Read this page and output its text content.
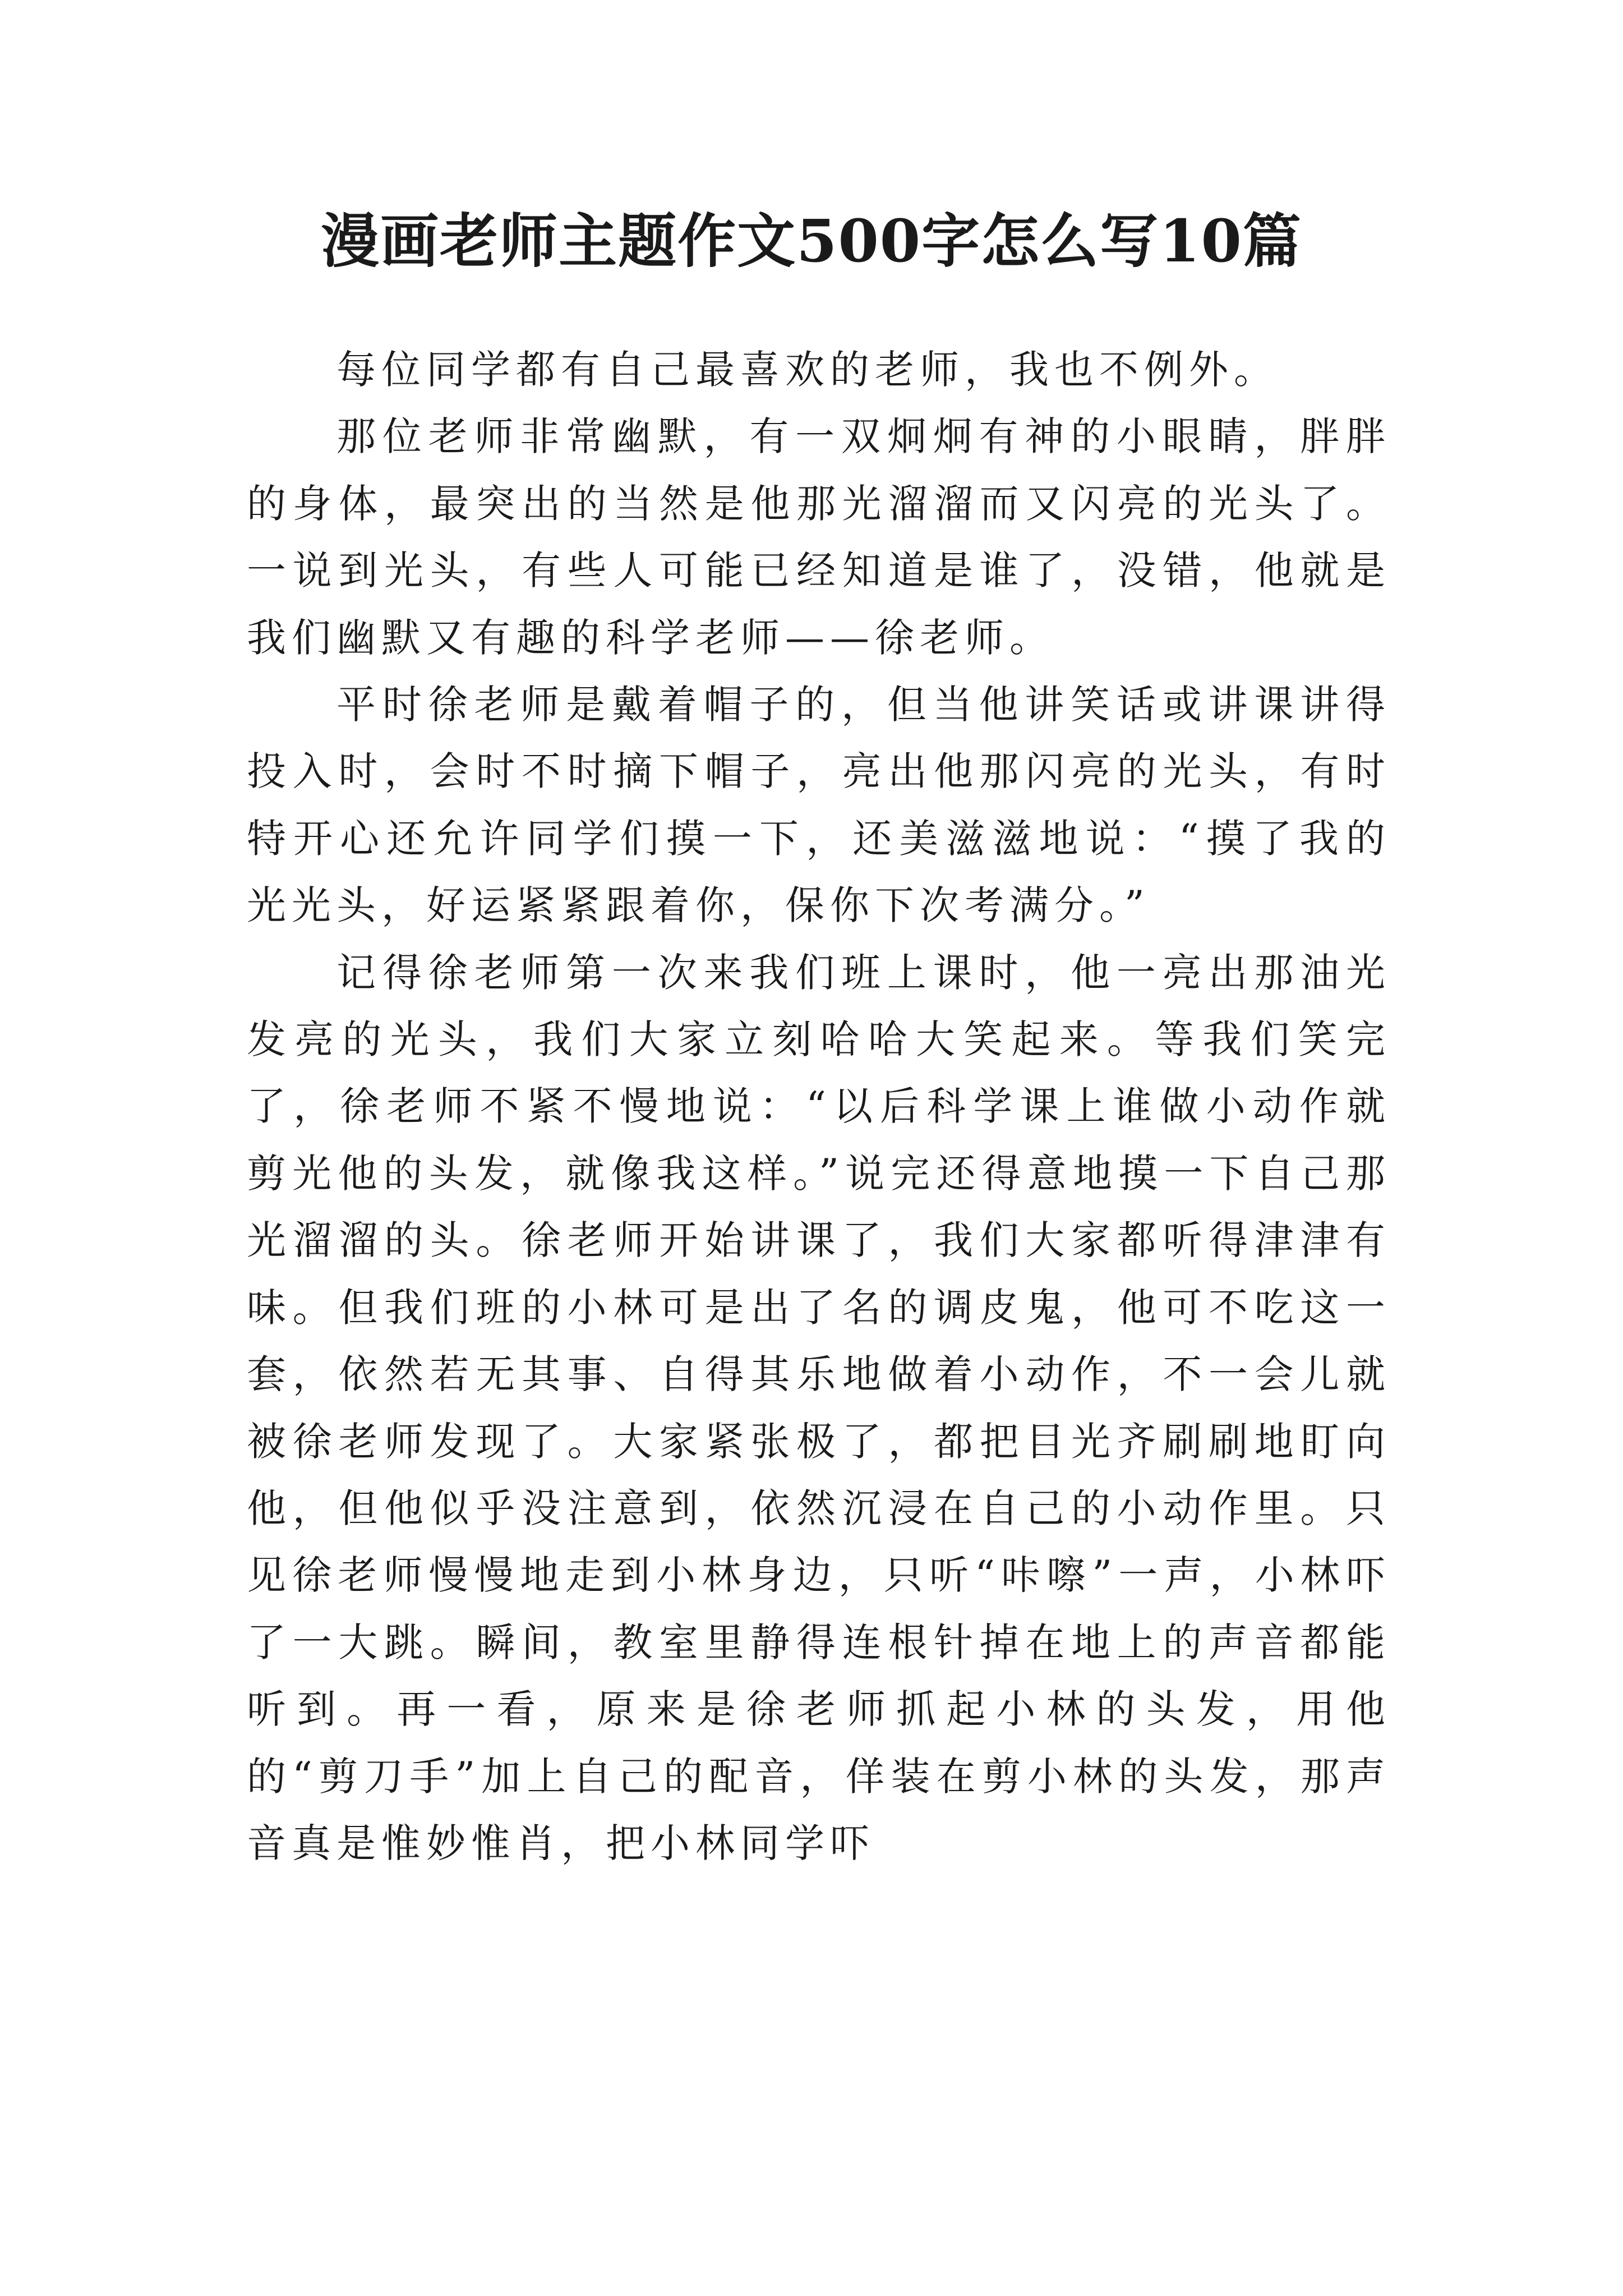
漫画老师主题作文500字怎么写10篇

每位同学都有自己最喜欢的老师，我也不例外。

那位老师非常幽默，有一双炯炯有神的小眼睛，胖胖的身体，最突出的当然是他那光溜溜而又闪亮的光头了。一说到光头，有些人可能已经知道是谁了，没错，他就是我们幽默又有趣的科学老师——徐老师。

平时徐老师是戴着帽子的，但当他讲笑话或讲课讲得投入时，会时不时摘下帽子，亮出他那闪亮的光头，有时特开心还允许同学们摸一下，还美滋滋地说：“摸了我的光光头，好运紧紧跟着你，保你下次考满分。”

记得徐老师第一次来我们班上课时，他一亮出那油光发亮的光头，我们大家立刻哈哈大笑起来。等我们笑完了，徐老师不紧不慢地说：“以后科学课上谁做小动作就剪光他的头发，就像我这样。”说完还得意地摸一下自己那光溜溜的头。徐老师开始讲课了，我们大家都听得津津有味。但我们班的小林可是出了名的调皮鬼，他可不吃这一套，依然若无其事、自得其乐地做着小动作，不一会儿就被徐老师发现了。大家紧张极了，都把目光齐刷刷地盯向他，但他似乎没注意到，依然沉浸在自己的小动作里。只见徐老师慢慢地走到小林身边，只听“咔嚓”一声，小林吓了一大跳。瞬间，教室里静得连根针掉在地上的声音都能听到。再一看，原来是徐老师抓起小林的头发，用他的“剪刀手”加上自己的配音，佯装在剪小林的头发，那声音真是惟妙惟肖，把小林同学吓
